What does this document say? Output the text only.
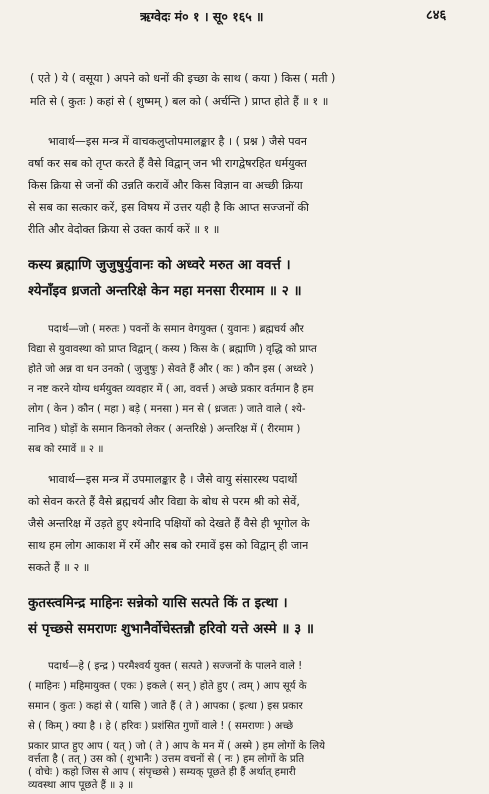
ऋग्वेदः मं० १ । सू० १६५ ॥	८४६
( एते ) ये ( वसूया ) अपने को धनों की इच्छा के साथ ( कया ) किस ( मती )
मति से ( कुतः ) कहां से ( शुष्मम् ) बल को ( अर्चन्ति ) प्राप्त होते हैं ॥ १ ॥
भावार्थ—इस मन्त्र में वाचकलुप्तोपमालङ्कार है । ( प्रश्न ) जैसे पवन
वर्षा कर सब को तृप्त करते हैं वैसे विद्वान् जन भी रागद्वेषरहित धर्मयुक्त
किस क्रिया से जनों की उन्नति करावें और किस विज्ञान वा अच्छी क्रिया
से सब का सत्कार करें, इस विषय में उत्तर यही है कि आप्त सज्जनों की
रीति और वेदोक्त क्रिया से उक्त कार्य करें ॥ १ ॥
कस्य ब्रह्माणि जुजुषुर्युवानः को अध्वरे मरुत आ ववर्त्त ।
श्येनाँइव ध्रजतो अन्तरिक्षे केन महा मनसा रीरमाम ॥ २ ॥
पदार्थ—जो ( मरुतः ) पवनों के समान वेगयुक्त ( युवानः ) ब्रह्मचर्य और
विद्या से युवावस्था को प्राप्त विद्वान् ( कस्य ) किस के ( ब्रह्माणि ) वृद्धि को प्राप्त
होते जो अन्न वा धन उनको ( जुजुषुः ) सेवते हैं और ( कः ) कौन इस ( अध्वरे )
न नष्ट करने योग्य धर्मयुक्त व्यवहार में ( आ, ववर्त्त ) अच्छे प्रकार वर्तमान है हम
लोग ( केन ) कौन ( महा ) बड़े ( मनसा ) मन से ( ध्रजतः ) जाते वाले ( श्ये-
नानिव ) घोड़ों के समान किनको लेकर ( अन्तरिक्षे ) अन्तरिक्ष में ( रीरमाम )
सब को रमावें ॥ २ ॥
भावार्थ—इस मन्त्र में उपमालङ्कार है । जैसे वायु संसारस्थ पदार्थों
को सेवन करते हैं वैसे ब्रह्मचर्य और विद्या के बोध से परम श्री को सेवें,
जैसे अन्तरिक्ष में उड़ते हुए श्येनादि पक्षियों को देखते हैं वैसे ही भूगोल के
साथ हम लोग आकाश में रमें और सब को रमावें इस को विद्वान् ही जान
सकते हैं ॥ २ ॥
कुतस्त्वमिन्द्र माहिनः सन्नेको यासि सत्पते किं त इत्था ।
सं पृच्छसे समराणः शुभानैर्वोचेस्तन्नौ हरिवो यत्ते अस्मे ॥ ३ ॥
पदार्थ—हे ( इन्द्र ) परमैश्वर्य युक्त ( सत्पते ) सज्जनों के पालने वाले !
( माहिनः ) महिमायुक्त ( एकः ) इकले ( सन् ) होते हुए ( त्वम् ) आप सूर्य के
समान ( कुतः ) कहां से ( यासि ) जाते हैं ( ते ) आपका ( इत्था ) इस प्रकार
से ( किम् ) क्या है । हे ( हरिवः ) प्रशंसित गुणों वाले ! ( समराणः ) अच्छे
प्रकार प्राप्त हुए आप ( यत् ) जो ( ते ) आप के मन में ( अस्मे ) हम लोगों के लिये
वर्त्तता है ( तत् ) उस को ( शुभानैः ) उत्तम वचनों से ( नः ) हम लोगों के प्रति
( वोचेः ) कहो जिस से आप ( संपृच्छसे ) सम्यक् पूछते ही हैं अर्थात् हमारी
व्यवस्था आप पूछते हैं ॥ ३ ॥
